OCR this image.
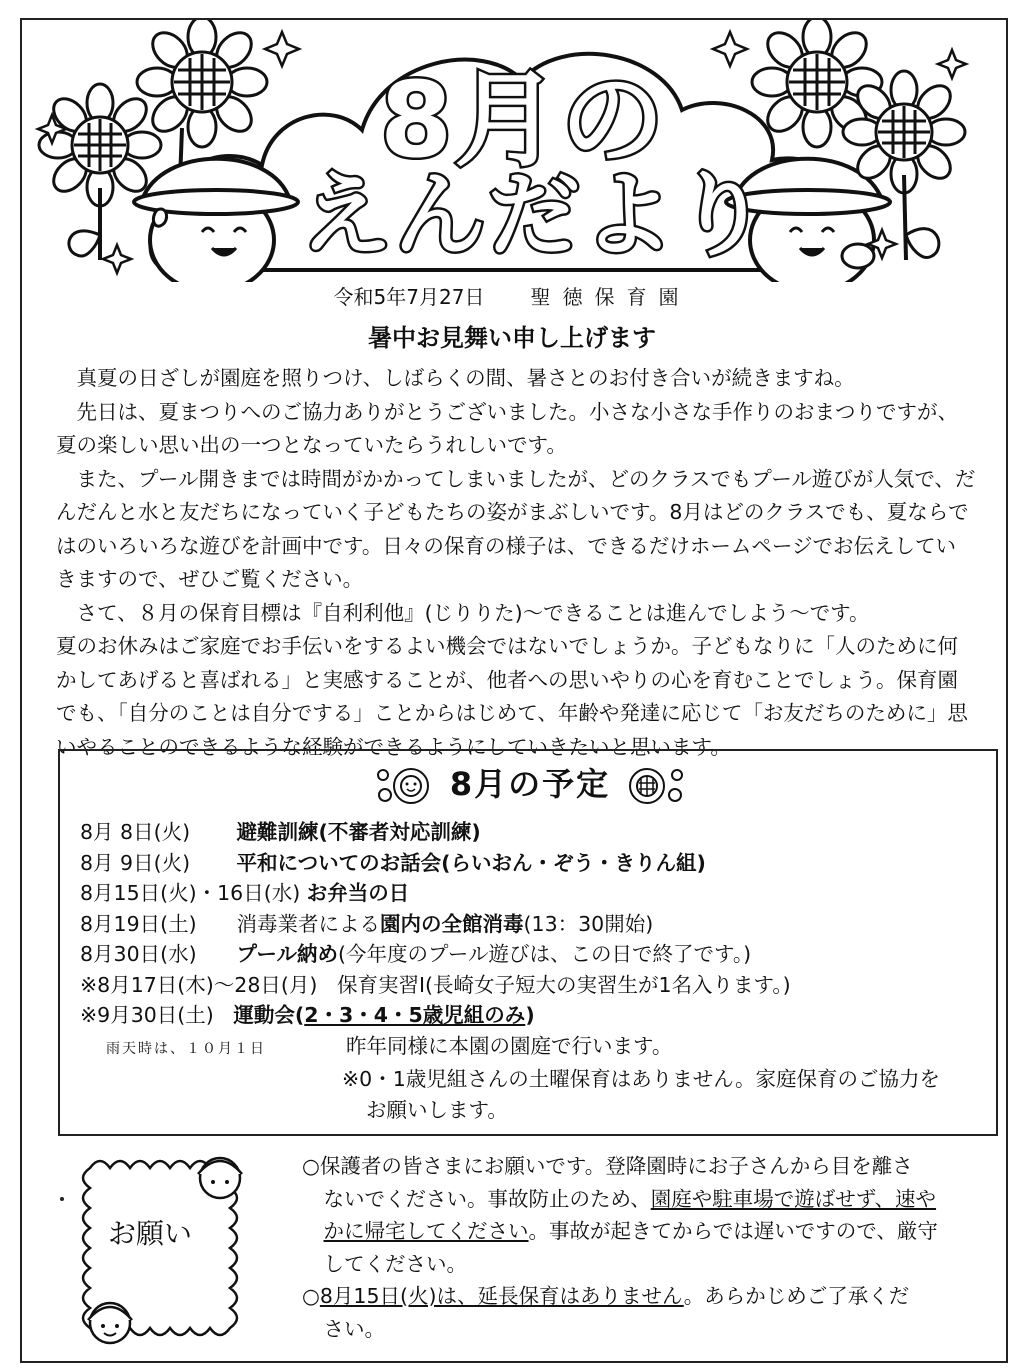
8月の
えんだより
令和5年7月27日 聖徳保育園
暑中お見舞い申し上げます

真夏の日ざしが園庭を照りつけ、しばらくの間、暑さとのお付き合いが続きますね。

先日は、夏まつりへのご協力ありがとうございました。小さな小さな手作りのおまつりですが、夏の楽しい思い出の一つとなっていたらうれしいです。

また、プール開きまでは時間がかかってしまいましたが、どのクラスでもプール遊びが人気で、だんだんと水と友だちになっていく子どもたちの姿がまぶしいです。8月はどのクラスでも、夏ならではのいろいろな遊びを計画中です。日々の保育の様子は、できるだけホームページでお伝えしていきますので、ぜひご覧ください。

さて、８月の保育目標は『自利利他』(じりりた)～できることは進んでしよう～です。

夏のお休みはご家庭でお手伝いをするよい機会ではないでしょうか。子どもなりに「人のために何かしてあげると喜ばれる」と実感することが、他者への思いやりの心を育むことでしょう。保育園でも、「自分のことは自分でする」ことからはじめて、年齢や発達に応じて「お友だちのために」思いやることのできるような経験ができるようにしていきたいと思います。

8月の予定
8月 8日(火) 避難訓練(不審者対応訓練)
8月 9日(火) 平和についてのお話会(らいおん・ぞう・きりん組)
8月15日(火)・16日(水) お弁当の日
8月19日(土) 消毒業者による園内の全館消毒(13：30開始)
8月30日(水) プール納め(今年度のプール遊びは、この日で終了です。)
※8月17日(木)～28日(月) 保育実習Ⅰ(長崎女子短大の実習生が1名入ります。)
※9月30日(土) 運動会(2・3・4・5歳児組のみ)
雨天時は、１０月１日	昨年同様に本園の園庭で行います。
※0・1歳児組さんの土曜保育はありません。家庭保育のご協力を
お願いします。
お願い

○保護者の皆さまにお願いです。登降園時にお子さんから目を離さ

ないでください。事故防止のため、園庭や駐車場で遊ばせず、速や

かに帰宅してください。事故が起きてからでは遅いですので、厳守

してください。

○8月15日(火)は、延長保育はありません。あらかじめご了承くだ

さい。
